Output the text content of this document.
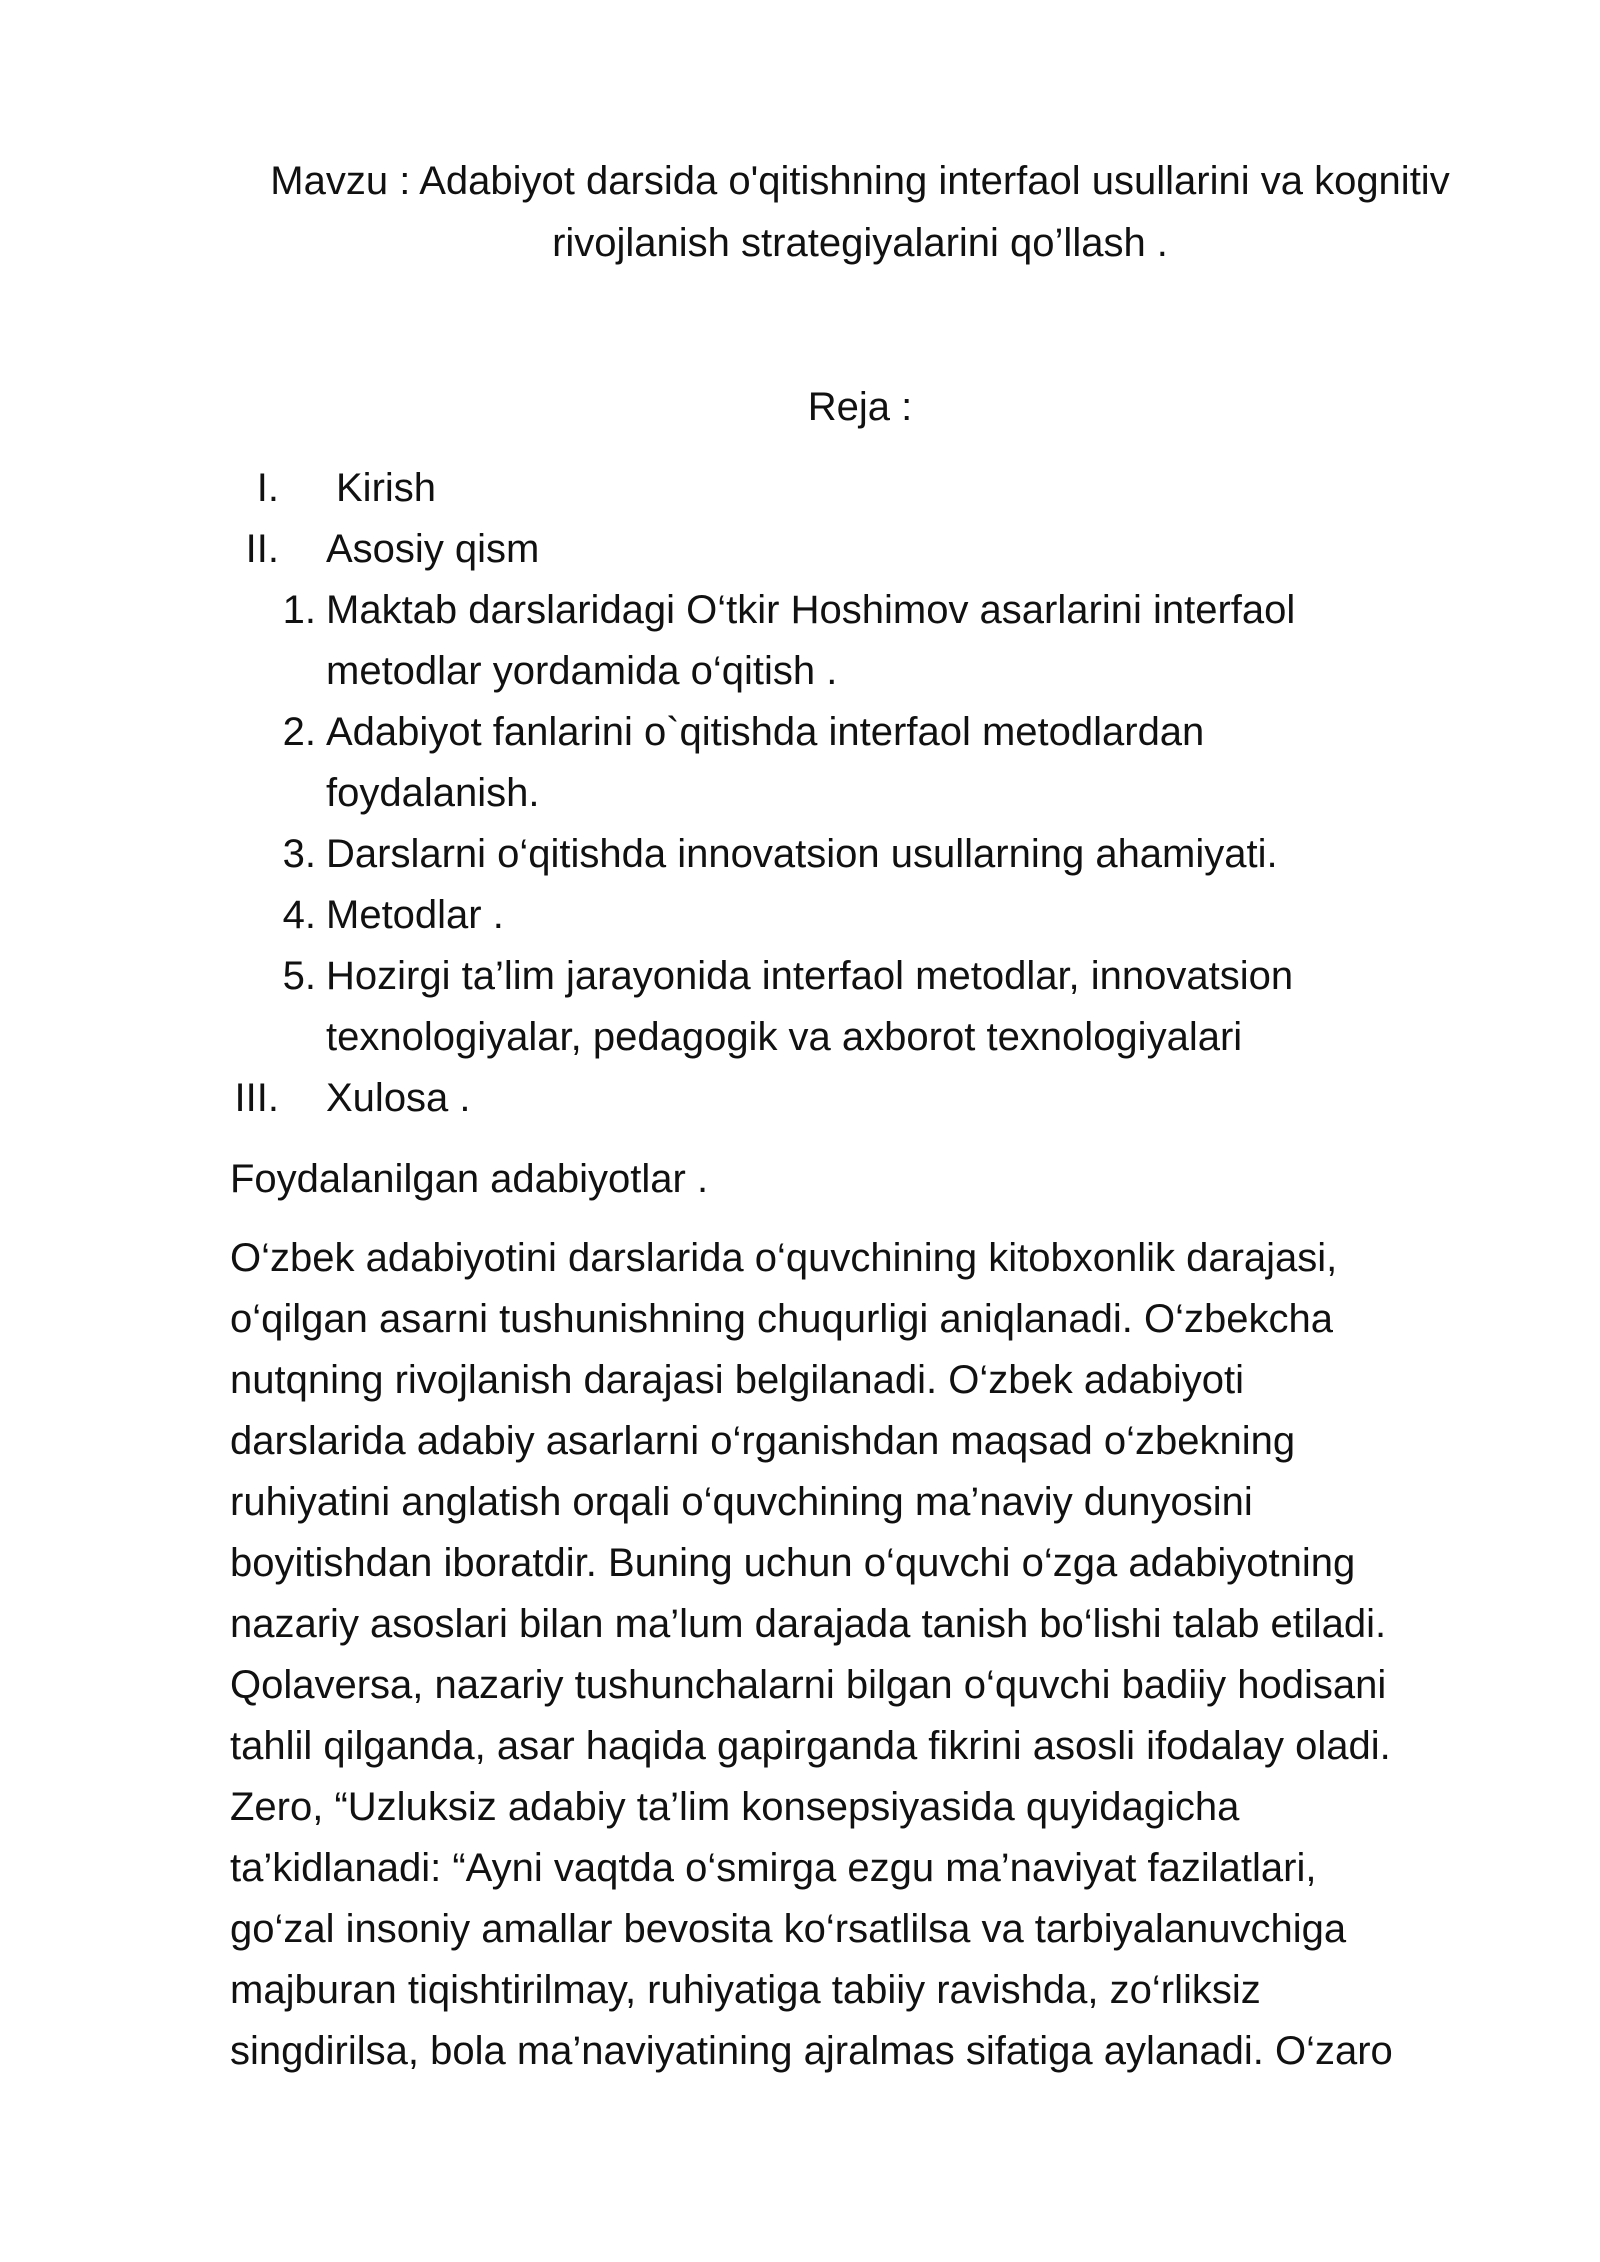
Mavzu : Adabiyot darsida o'qitishning interfaol usullarini va kognitiv
rivojlanish strategiyalarini qo’llash .
Reja :
I. Kirish
II. Asosiy qism
1. Maktab darslaridagi O‘tkir Hoshimov asarlarini interfaol
metodlar yordamida o‘qitish .
2. Adabiyot fanlarini o`qitishda interfaol metodlardan
foydalanish.
3. Darslarni o‘qitishda innovatsion usullarning ahamiyati.
4. Metodlar .
5. Hozirgi ta’lim jarayonida interfaol metodlar, innovatsion
texnologiyalar, pedagogik va axborot texnologiyalari
III. Xulosa .
Foydalanilgan adabiyotlar .
O‘zbek adabiyotini darslarida o‘quvchining kitobxonlik darajasi,
o‘qilgan asarni tushunishning chuqurligi aniqlanadi. O‘zbekcha
nutqning rivojlanish darajasi belgilanadi. O‘zbek adabiyoti
darslarida adabiy asarlarni o‘rganishdan maqsad o‘zbekning
ruhiyatini anglatish orqali o‘quvchining ma’naviy dunyosini
boyitishdan iboratdir. Buning uchun o‘quvchi o‘zga adabiyotning
nazariy asoslari bilan ma’lum darajada tanish bo‘lishi talab etiladi.
Qolaversa, nazariy tushunchalarni bilgan o‘quvchi badiiy hodisani
tahlil qilganda, asar haqida gapirganda fikrini asosli ifodalay oladi.
Zero, “Uzluksiz adabiy ta’lim konsepsiyasida quyidagicha
ta’kidlanadi: “Ayni vaqtda o‘smirga ezgu ma’naviyat fazilatlari,
go‘zal insoniy amallar bevosita ko‘rsatlilsa va tarbiyalanuvchiga
majburan tiqishtirilmay, ruhiyatiga tabiiy ravishda, zo‘rliksiz
singdirilsa, bola ma’naviyatining ajralmas sifatiga aylanadi. O‘zaro
